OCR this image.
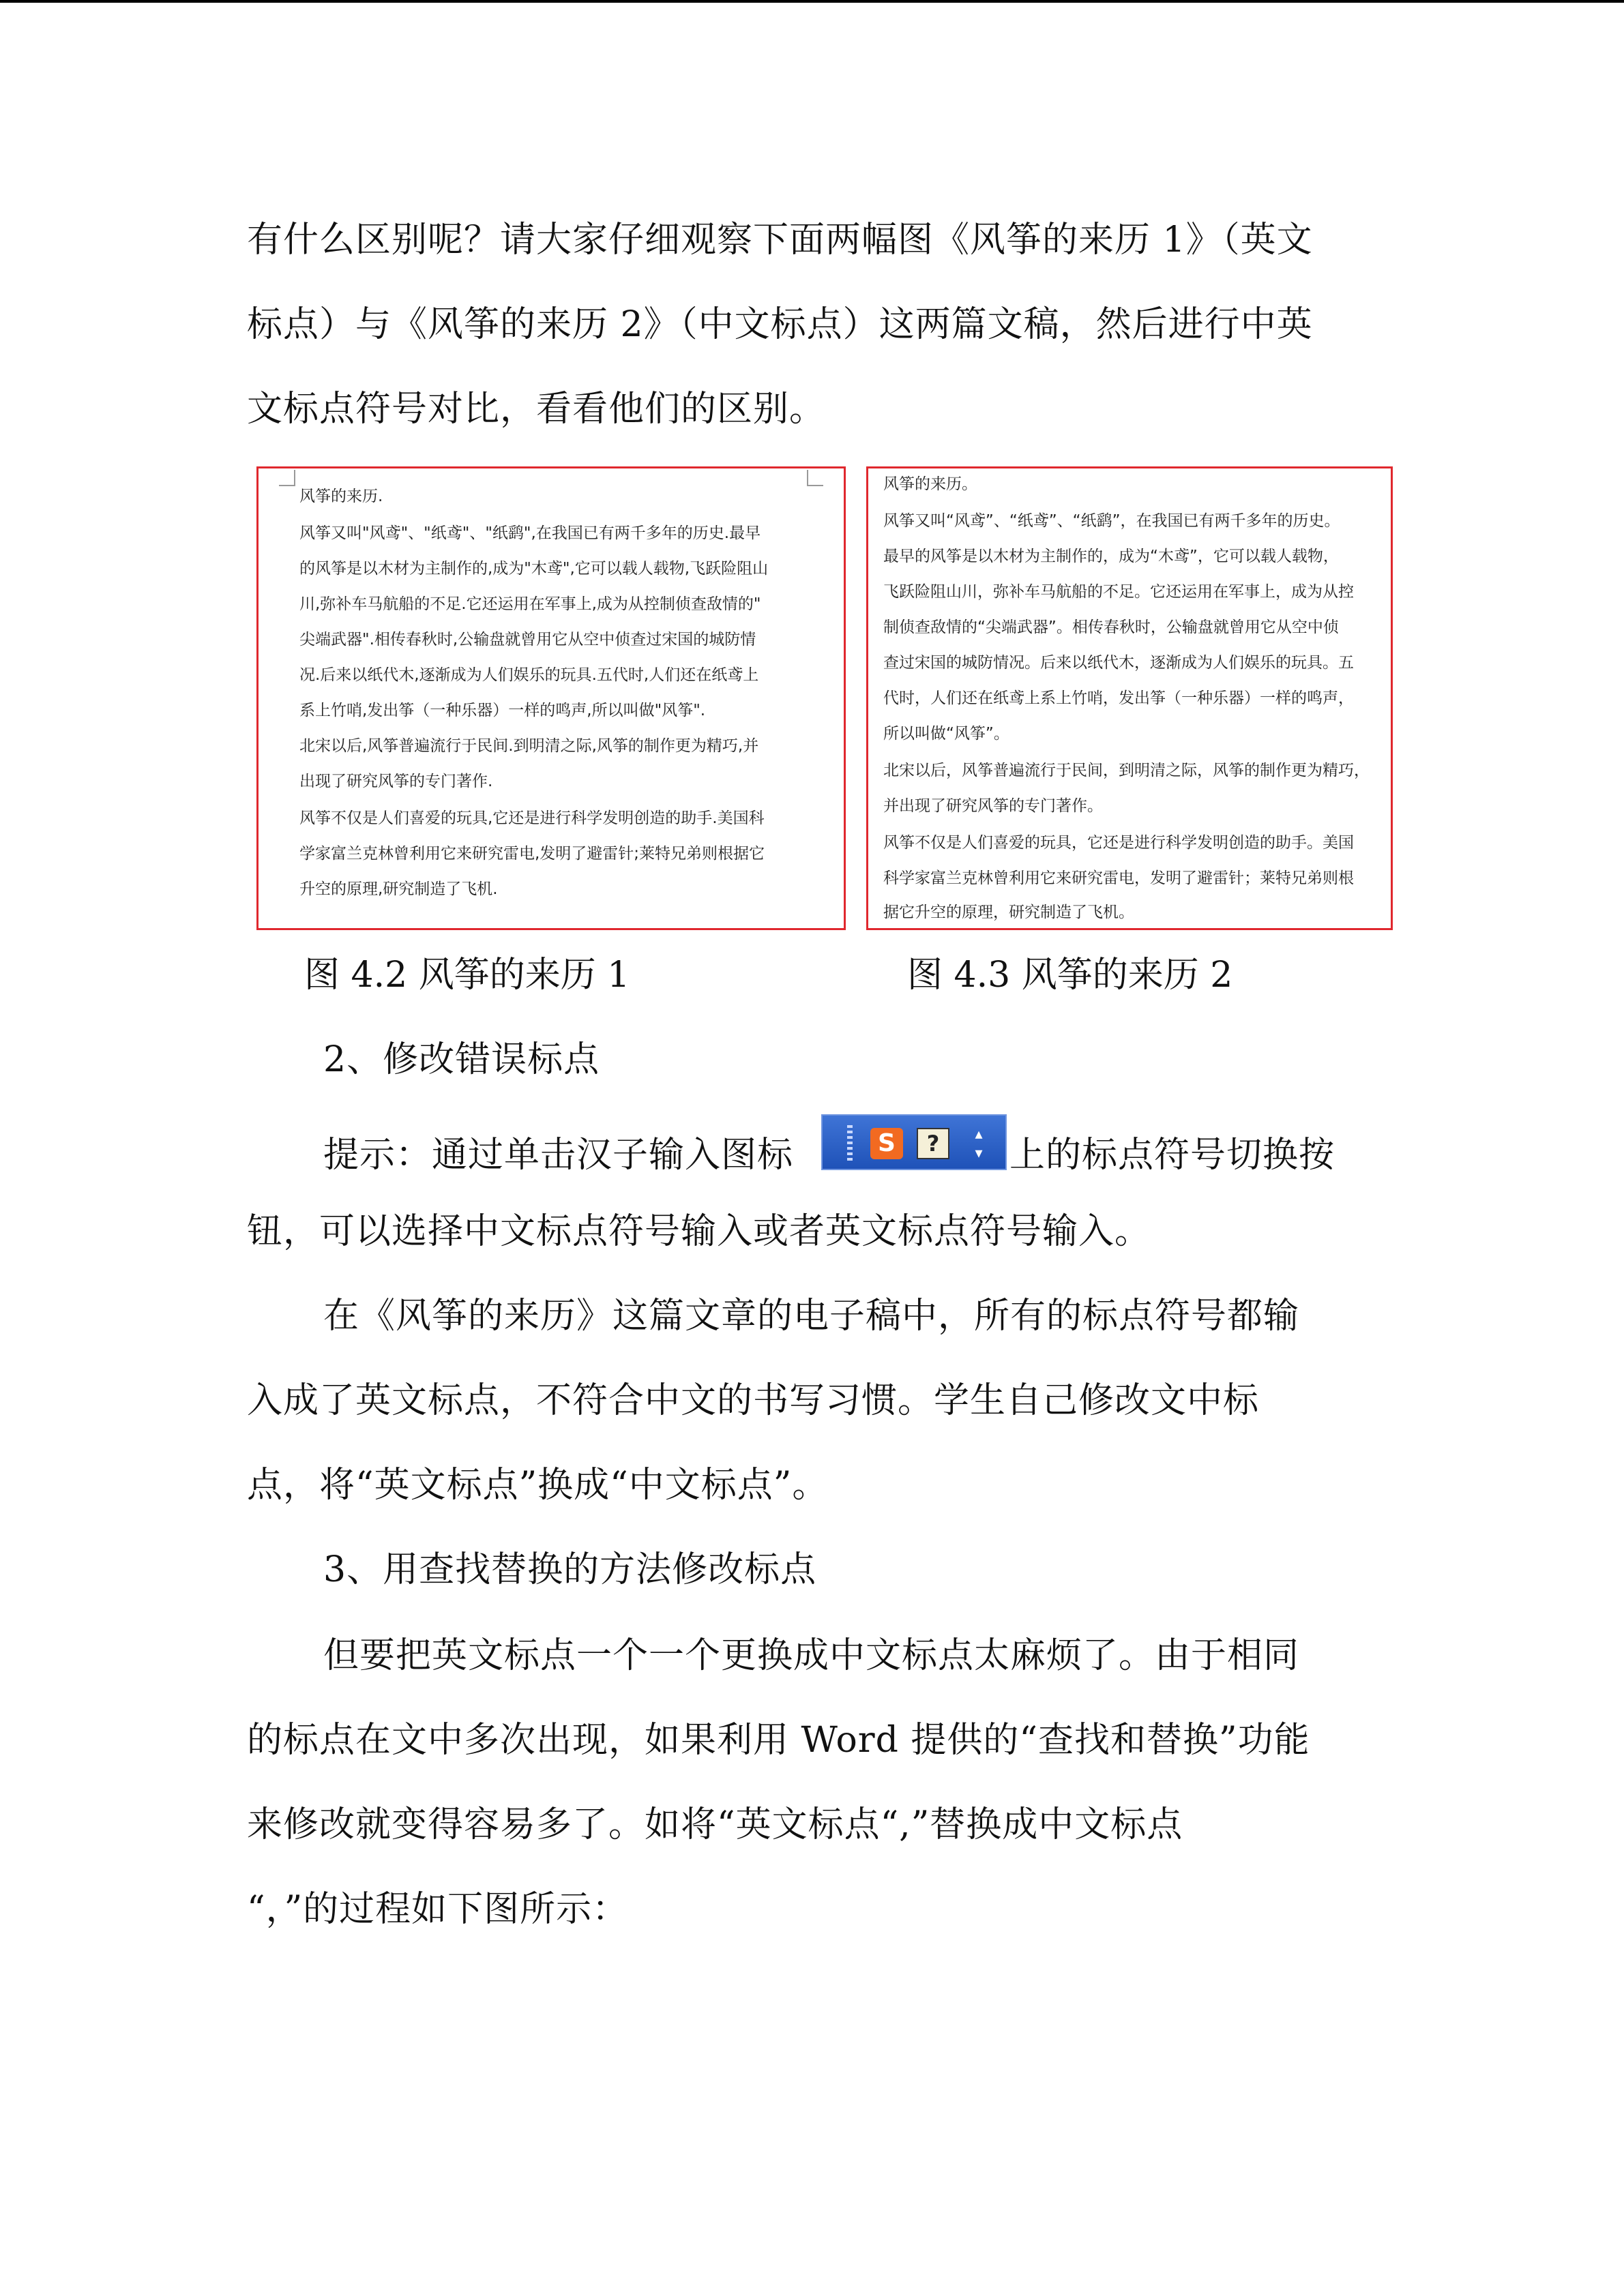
有什么区别呢？请大家仔细观察下面两幅图《风筝的来历 1》（英文
标点）与《风筝的来历 2》（中文标点）这两篇文稿，然后进行中英
文标点符号对比，看看他们的区别。
风筝的来历.
风筝又叫"风鸢"、"纸鸢"、"纸鹞",在我国已有两千多年的历史.最早
的风筝是以木材为主制作的,成为"木鸢",它可以载人载物,飞跃险阻山
川,弥补车马航船的不足.它还运用在军事上,成为从控制侦查敌情的"
尖端武器".相传春秋时,公输盘就曾用它从空中侦查过宋国的城防情
况.后来以纸代木,逐渐成为人们娱乐的玩具.五代时,人们还在纸鸢上
系上竹哨,发出筝（一种乐器）一样的鸣声,所以叫做"风筝".
北宋以后,风筝普遍流行于民间.到明清之际,风筝的制作更为精巧,并
出现了研究风筝的专门著作.
风筝不仅是人们喜爱的玩具,它还是进行科学发明创造的助手.美国科
学家富兰克林曾利用它来研究雷电,发明了避雷针;莱特兄弟则根据它
升空的原理,研究制造了飞机.
风筝的来历。
风筝又叫“风鸢”、“纸鸢”、“纸鹞”，在我国已有两千多年的历史。
最早的风筝是以木材为主制作的，成为“木鸢”，它可以载人载物，
飞跃险阻山川，弥补车马航船的不足。它还运用在军事上，成为从控
制侦查敌情的“尖端武器”。相传春秋时，公输盘就曾用它从空中侦
查过宋国的城防情况。后来以纸代木，逐渐成为人们娱乐的玩具。五
代时，人们还在纸鸢上系上竹哨，发出筝（一种乐器）一样的鸣声，
所以叫做“风筝”。
北宋以后，风筝普遍流行于民间，到明清之际，风筝的制作更为精巧，
并出现了研究风筝的专门著作。
风筝不仅是人们喜爱的玩具，它还是进行科学发明创造的助手。美国
科学家富兰克林曾利用它来研究雷电，发明了避雷针；莱特兄弟则根
据它升空的原理，研究制造了飞机。
图 4.2 风筝的来历 1	图 4.3 风筝的来历 2
2、修改错误标点
提示：通过单击汉子输入图标	S	?	▴
▾ 上的标点符号切换按
钮，可以选择中文标点符号输入或者英文标点符号输入。
在《风筝的来历》这篇文章的电子稿中，所有的标点符号都输
入成了英文标点，不符合中文的书写习惯。学生自己修改文中标
点，将“英文标点”换成“中文标点”。
3、用查找替换的方法修改标点
但要把英文标点一个一个更换成中文标点太麻烦了。由于相同
的标点在文中多次出现，如果利用 Word 提供的“查找和替换”功能
来修改就变得容易多了。如将“英文标点“,”替换成中文标点
“，”的过程如下图所示：
